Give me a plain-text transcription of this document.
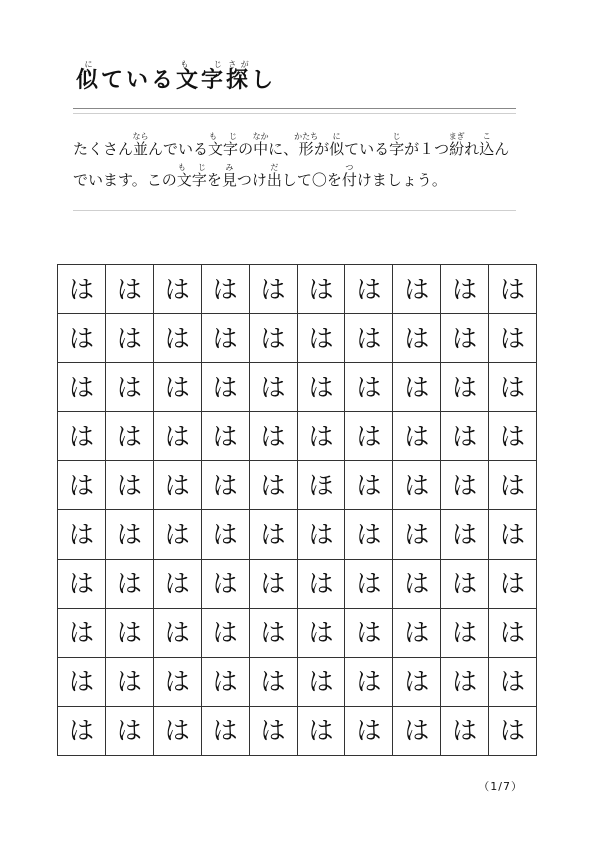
似にている文字も　じ探さがし

たくさん並ならんでいる文字も　じの中なかに、形かたちが似にている字じが１つ紛まぎれ込こんでいます。この文字も　じを見みつけ出だして〇を付つけましょう。

は は は は は は は は は は
は は は は は は は は は は
は は は は は は は は は は
は は は は は は は は は は
は は は は は ほ は は は は
は は は は は は は は は は
は は は は は は は は は は
は は は は は は は は は は
は は は は は は は は は は
は は は は は は は は は は
（1/7）
